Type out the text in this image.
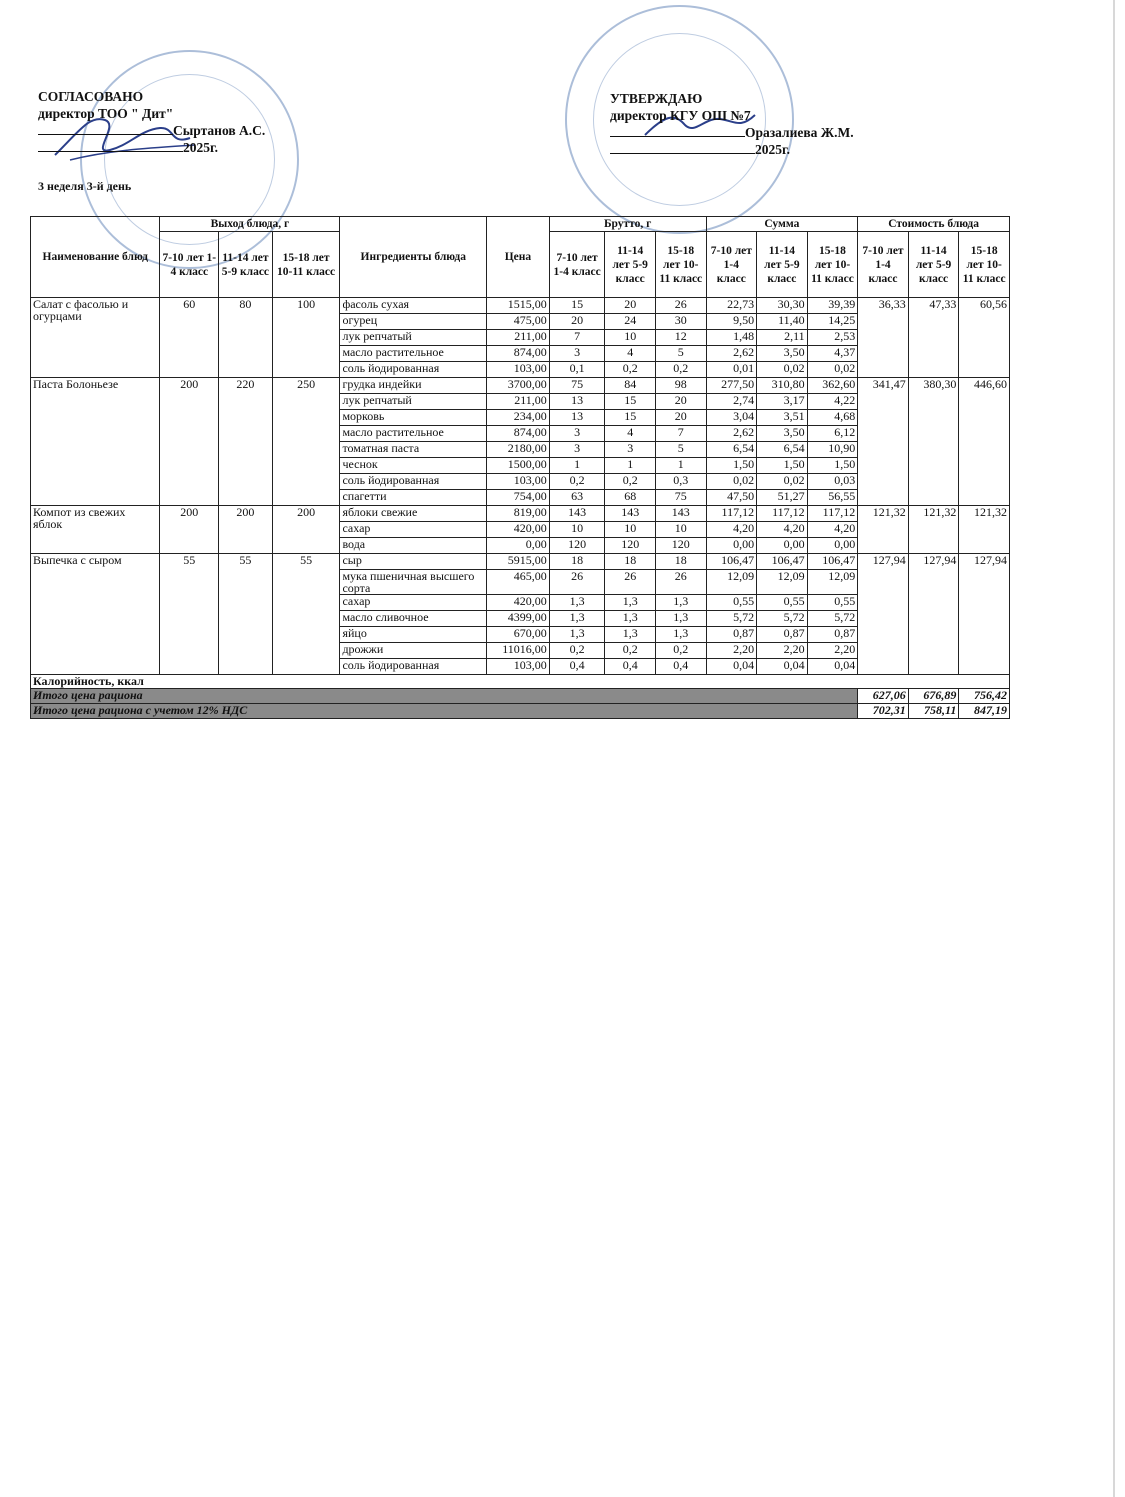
СОГЛАСОВАНО
директор ТОО " Дит"
Сыртанов А.С.
2025г.
УТВЕРЖДАЮ
директор КГУ ОШ №7
Оразалиева Ж.М.
2025г.
3 неделя 3-й день
Наименование блюд	Выход блюда, г			Ингредиенты блюда	Цена	Брутто, г			Сумма			Стоимость блюда		
	7-10 лет 1-4 класс	11-14 лет 5-9 класс	15-18 лет 10-11 класс			7-10 лет 1-4 класс	11-14 лет 5-9 класс	15-18 лет 10-11 класс	7-10 лет 1-4 класс	11-14 лет 5-9 класс	15-18 лет 10-11 класс	7-10 лет 1-4 класс	11-14 лет 5-9 класс	15-18 лет 10-11 класс
Салат с фасолью и огурцами	60	80	100	фасоль сухая	1515,00	15	20	26	22,73	30,30	39,39	36,33	47,33	60,56
				огурец	475,00	20	24	30	9,50	11,40	14,25			
				лук репчатый	211,00	7	10	12	1,48	2,11	2,53			
				масло растительное	874,00	3	4	5	2,62	3,50	4,37			
				соль йодированная	103,00	0,1	0,2	0,2	0,01	0,02	0,02			
Паста Болоньезе	200	220	250	грудка индейки	3700,00	75	84	98	277,50	310,80	362,60	341,47	380,30	446,60
				лук репчатый	211,00	13	15	20	2,74	3,17	4,22			
				морковь	234,00	13	15	20	3,04	3,51	4,68			
				масло растительное	874,00	3	4	7	2,62	3,50	6,12			
				томатная паста	2180,00	3	3	5	6,54	6,54	10,90			
				чеснок	1500,00	1	1	1	1,50	1,50	1,50			
				соль йодированная	103,00	0,2	0,2	0,3	0,02	0,02	0,03			
				спагетти	754,00	63	68	75	47,50	51,27	56,55			
Компот из свежих яблок	200	200	200	яблоки свежие	819,00	143	143	143	117,12	117,12	117,12	121,32	121,32	121,32
				сахар	420,00	10	10	10	4,20	4,20	4,20			
				вода	0,00	120	120	120	0,00	0,00	0,00			
Выпечка с сыром	55	55	55	сыр	5915,00	18	18	18	106,47	106,47	106,47	127,94	127,94	127,94
				мука пшеничная высшего сорта	465,00	26	26	26	12,09	12,09	12,09			
				сахар	420,00	1,3	1,3	1,3	0,55	0,55	0,55			
				масло сливочное	4399,00	1,3	1,3	1,3	5,72	5,72	5,72			
				яйцо	670,00	1,3	1,3	1,3	0,87	0,87	0,87			
				дрожжи	11016,00	0,2	0,2	0,2	2,20	2,20	2,20			
				соль йодированная	103,00	0,4	0,4	0,4	0,04	0,04	0,04			
Калорийность, ккал														
Итого цена рациона												627,06	676,89	756,42
Итого цена рациона с учетом 12% НДС												702,31	758,11	847,19
